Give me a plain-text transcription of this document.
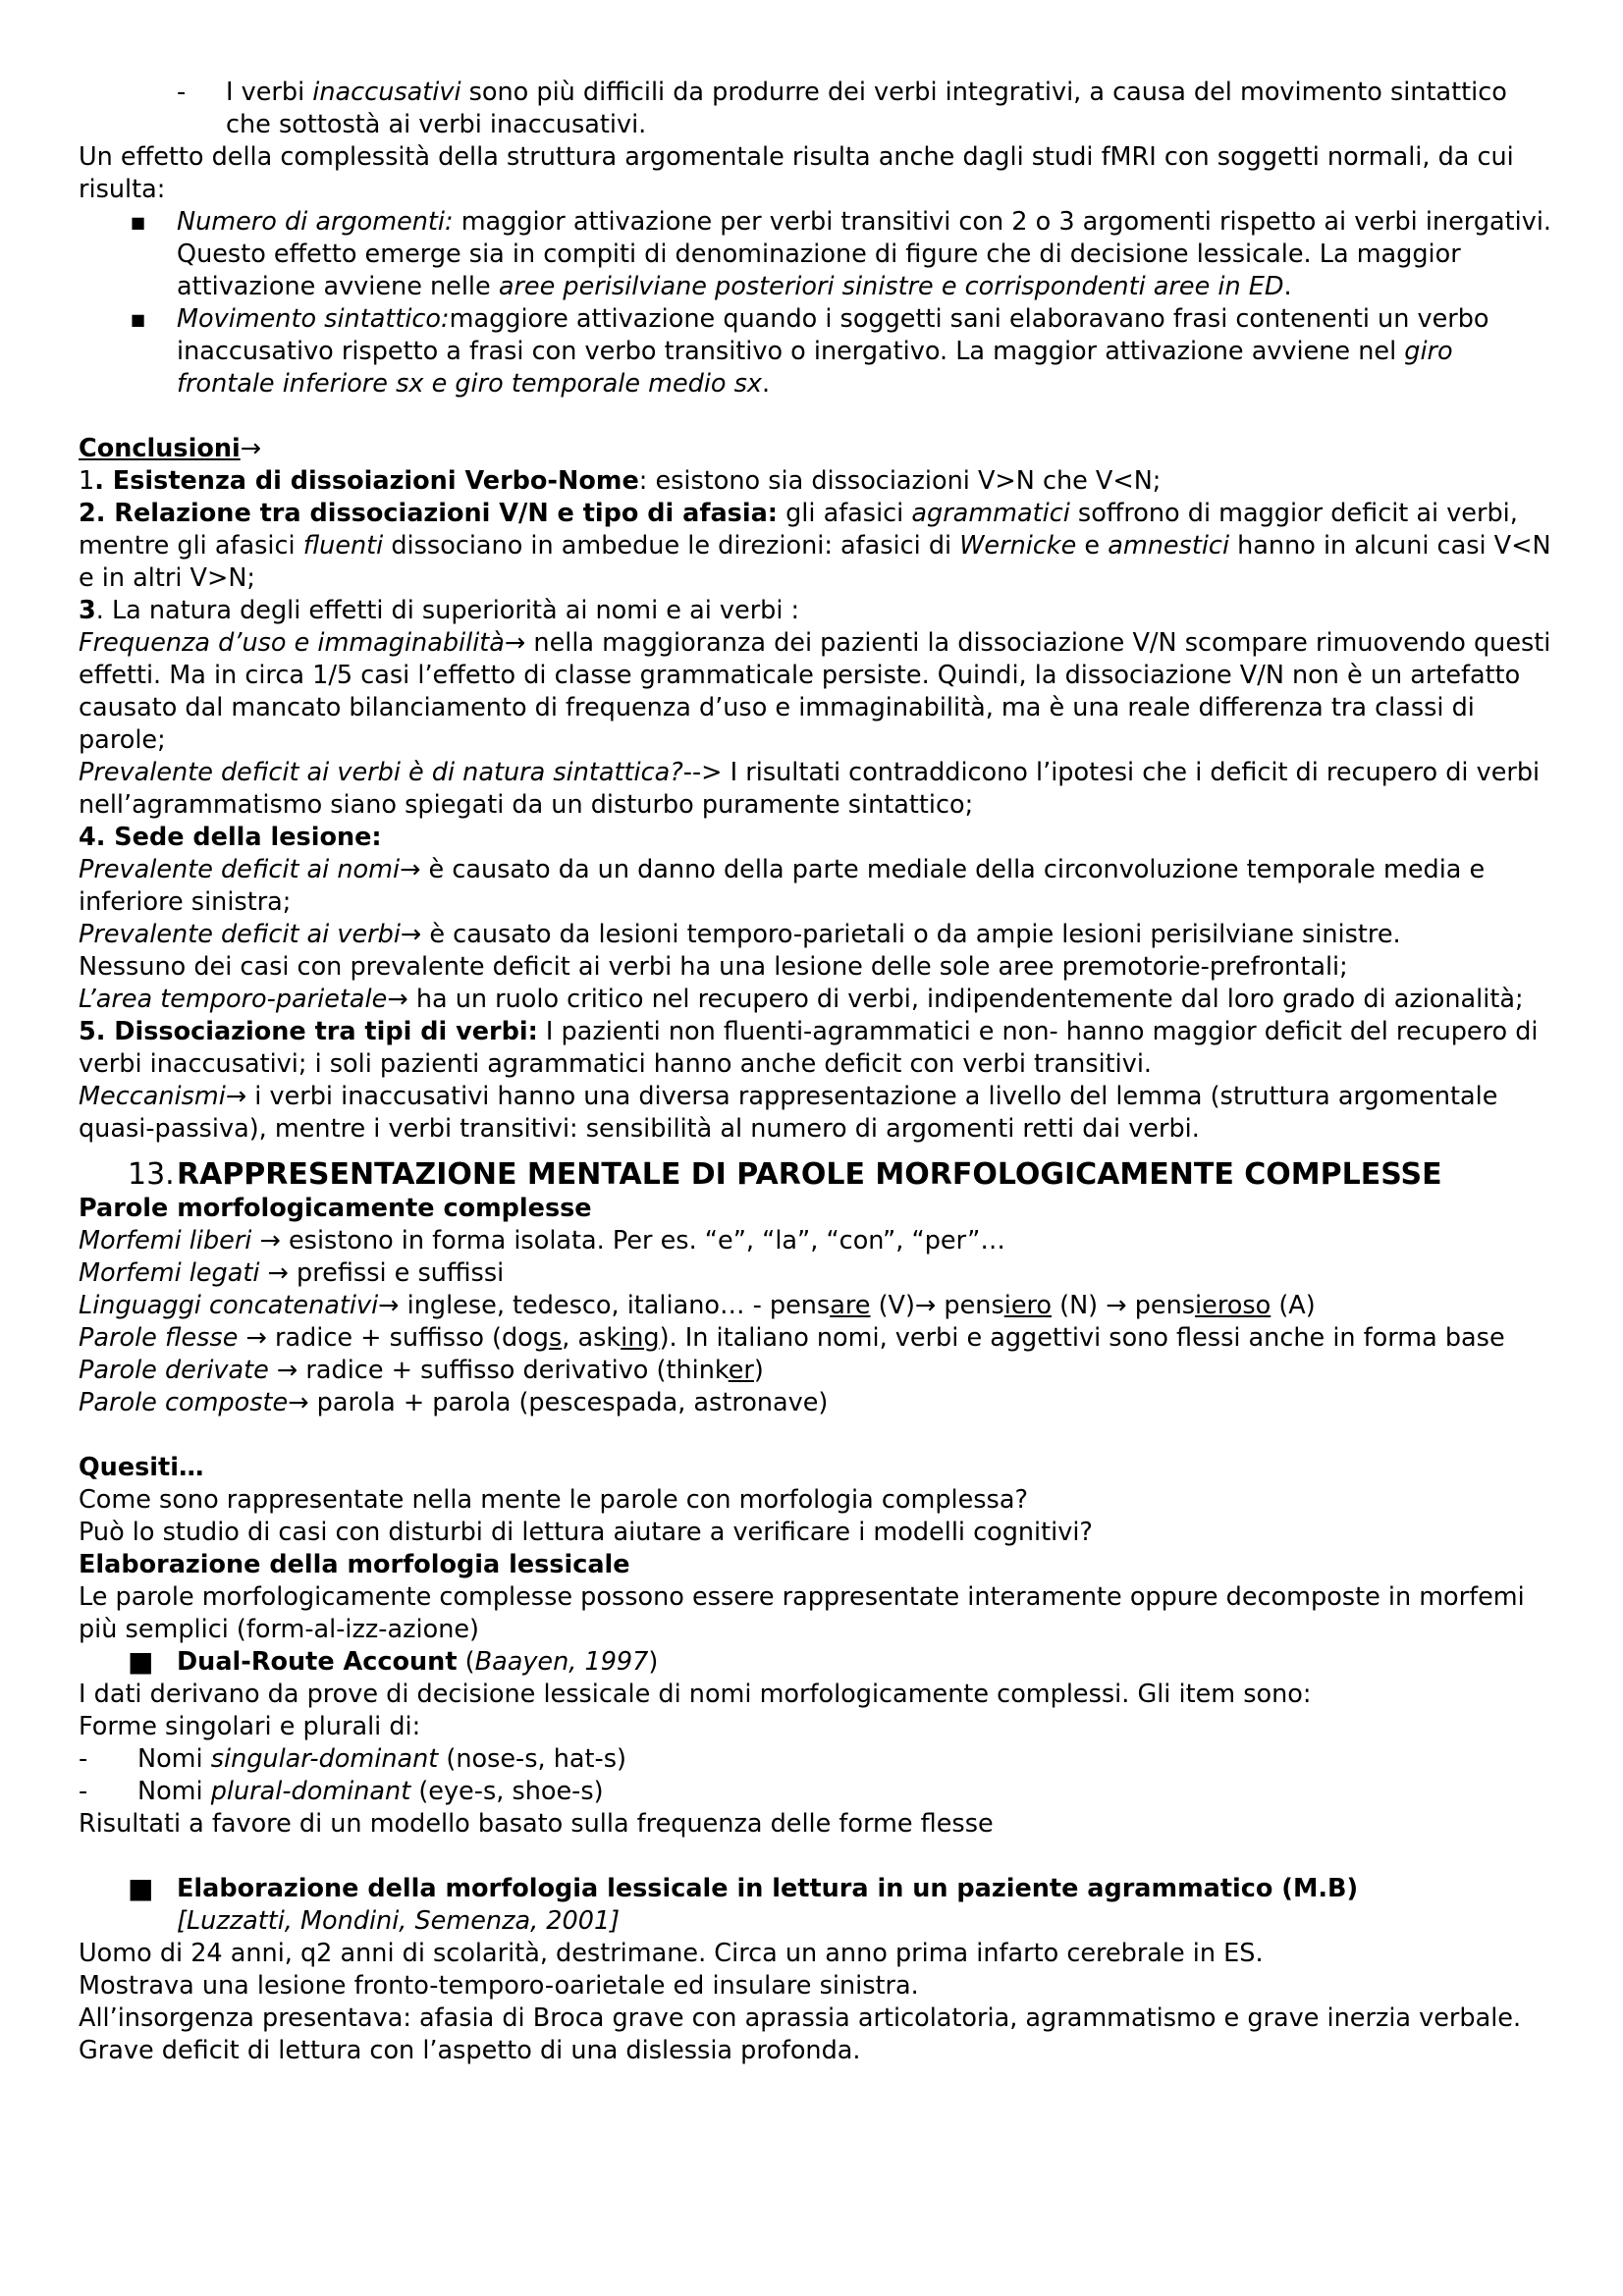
- I verbi inaccusativi sono più difficili da produrre dei verbi integrativi, a causa del movimento sintattico che sottostà ai verbi inaccusativi.

Un effetto della complessità della struttura argomentale risulta anche dagli studi fMRI con soggetti normali, da cui risulta:

■ Numero di argomenti: maggior attivazione per verbi transitivi con 2 o 3 argomenti rispetto ai verbi inergativi. Questo effetto emerge sia in compiti di denominazione di figure che di decisione lessicale. La maggior attivazione avviene nelle aree perisilviane posteriori sinistre e corrispondenti aree in ED.

■ Movimento sintattico:maggiore attivazione quando i soggetti sani elaboravano frasi contenenti un verbo inaccusativo rispetto a frasi con verbo transitivo o inergativo. La maggior attivazione avviene nel giro frontale inferiore sx e giro temporale medio sx.

Conclusioni→

1. Esistenza di dissoiazioni Verbo-Nome: esistono sia dissociazioni V>N che V<N;

2. Relazione tra dissociazioni V/N e tipo di afasia: gli afasici agrammatici soffrono di maggior deficit ai verbi, mentre gli afasici fluenti dissociano in ambedue le direzioni: afasici di Wernicke e amnestici hanno in alcuni casi V<N e in altri V>N;

3. La natura degli effetti di superiorità ai nomi e ai verbi :

Frequenza d’uso e immaginabilità→ nella maggioranza dei pazienti la dissociazione V/N scompare rimuovendo questi effetti. Ma in circa 1/5 casi l’effetto di classe grammaticale persiste. Quindi, la dissociazione V/N non è un artefatto causato dal mancato bilanciamento di frequenza d’uso e immaginabilità, ma è una reale differenza tra classi di parole;

Prevalente deficit ai verbi è di natura sintattica?--> I risultati contraddicono l’ipotesi che i deficit di recupero di verbi nell’agrammatismo siano spiegati da un disturbo puramente sintattico;

4. Sede della lesione:

Prevalente deficit ai nomi→ è causato da un danno della parte mediale della circonvoluzione temporale media e inferiore sinistra;

Prevalente deficit ai verbi→ è causato da lesioni temporo-parietali o da ampie lesioni perisilviane sinistre.

Nessuno dei casi con prevalente deficit ai verbi ha una lesione delle sole aree premotorie-prefrontali;

L’area temporo-parietale→ ha un ruolo critico nel recupero di verbi, indipendentemente dal loro grado di azionalità;

5. Dissociazione tra tipi di verbi: I pazienti non fluenti-agrammatici e non- hanno maggior deficit del recupero di verbi inaccusativi; i soli pazienti agrammatici hanno anche deficit con verbi transitivi.

Meccanismi→ i verbi inaccusativi hanno una diversa rappresentazione a livello del lemma (struttura argomentale quasi-passiva), mentre i verbi transitivi: sensibilità al numero di argomenti retti dai verbi.

13. RAPPRESENTAZIONE MENTALE DI PAROLE MORFOLOGICAMENTE COMPLESSE

Parole morfologicamente complesse

Morfemi liberi → esistono in forma isolata. Per es. “e”, “la”, “con”, “per”…

Morfemi legati → prefissi e suffissi

Linguaggi concatenativi→ inglese, tedesco, italiano… - pensare (V)→ pensiero (N) → pensieroso (A)

Parole flesse → radice + suffisso (dogs, asking). In italiano nomi, verbi e aggettivi sono flessi anche in forma base

Parole derivate → radice + suffisso derivativo (thinker)

Parole composte→ parola + parola (pescespada, astronave)

Quesiti…

Come sono rappresentate nella mente le parole con morfologia complessa?

Può lo studio di casi con disturbi di lettura aiutare a verificare i modelli cognitivi?

Elaborazione della morfologia lessicale

Le parole morfologicamente complesse possono essere rappresentate interamente oppure decomposte in morfemi più semplici (form-al-izz-azione)

■ Dual-Route Account (Baayen, 1997)

I dati derivano da prove di decisione lessicale di nomi morfologicamente complessi. Gli item sono:

Forme singolari e plurali di:

- Nomi singular-dominant (nose-s, hat-s)

- Nomi plural-dominant (eye-s, shoe-s)

Risultati a favore di un modello basato sulla frequenza delle forme flesse

■ Elaborazione della morfologia lessicale in lettura in un paziente agrammatico (M.B)

[Luzzatti, Mondini, Semenza, 2001]

Uomo di 24 anni, q2 anni di scolarità, destrimane. Circa un anno prima infarto cerebrale in ES.

Mostrava una lesione fronto-temporo-oarietale ed insulare sinistra.

All’insorgenza presentava: afasia di Broca grave con aprassia articolatoria, agrammatismo e grave inerzia verbale. Grave deficit di lettura con l’aspetto di una dislessia profonda.
